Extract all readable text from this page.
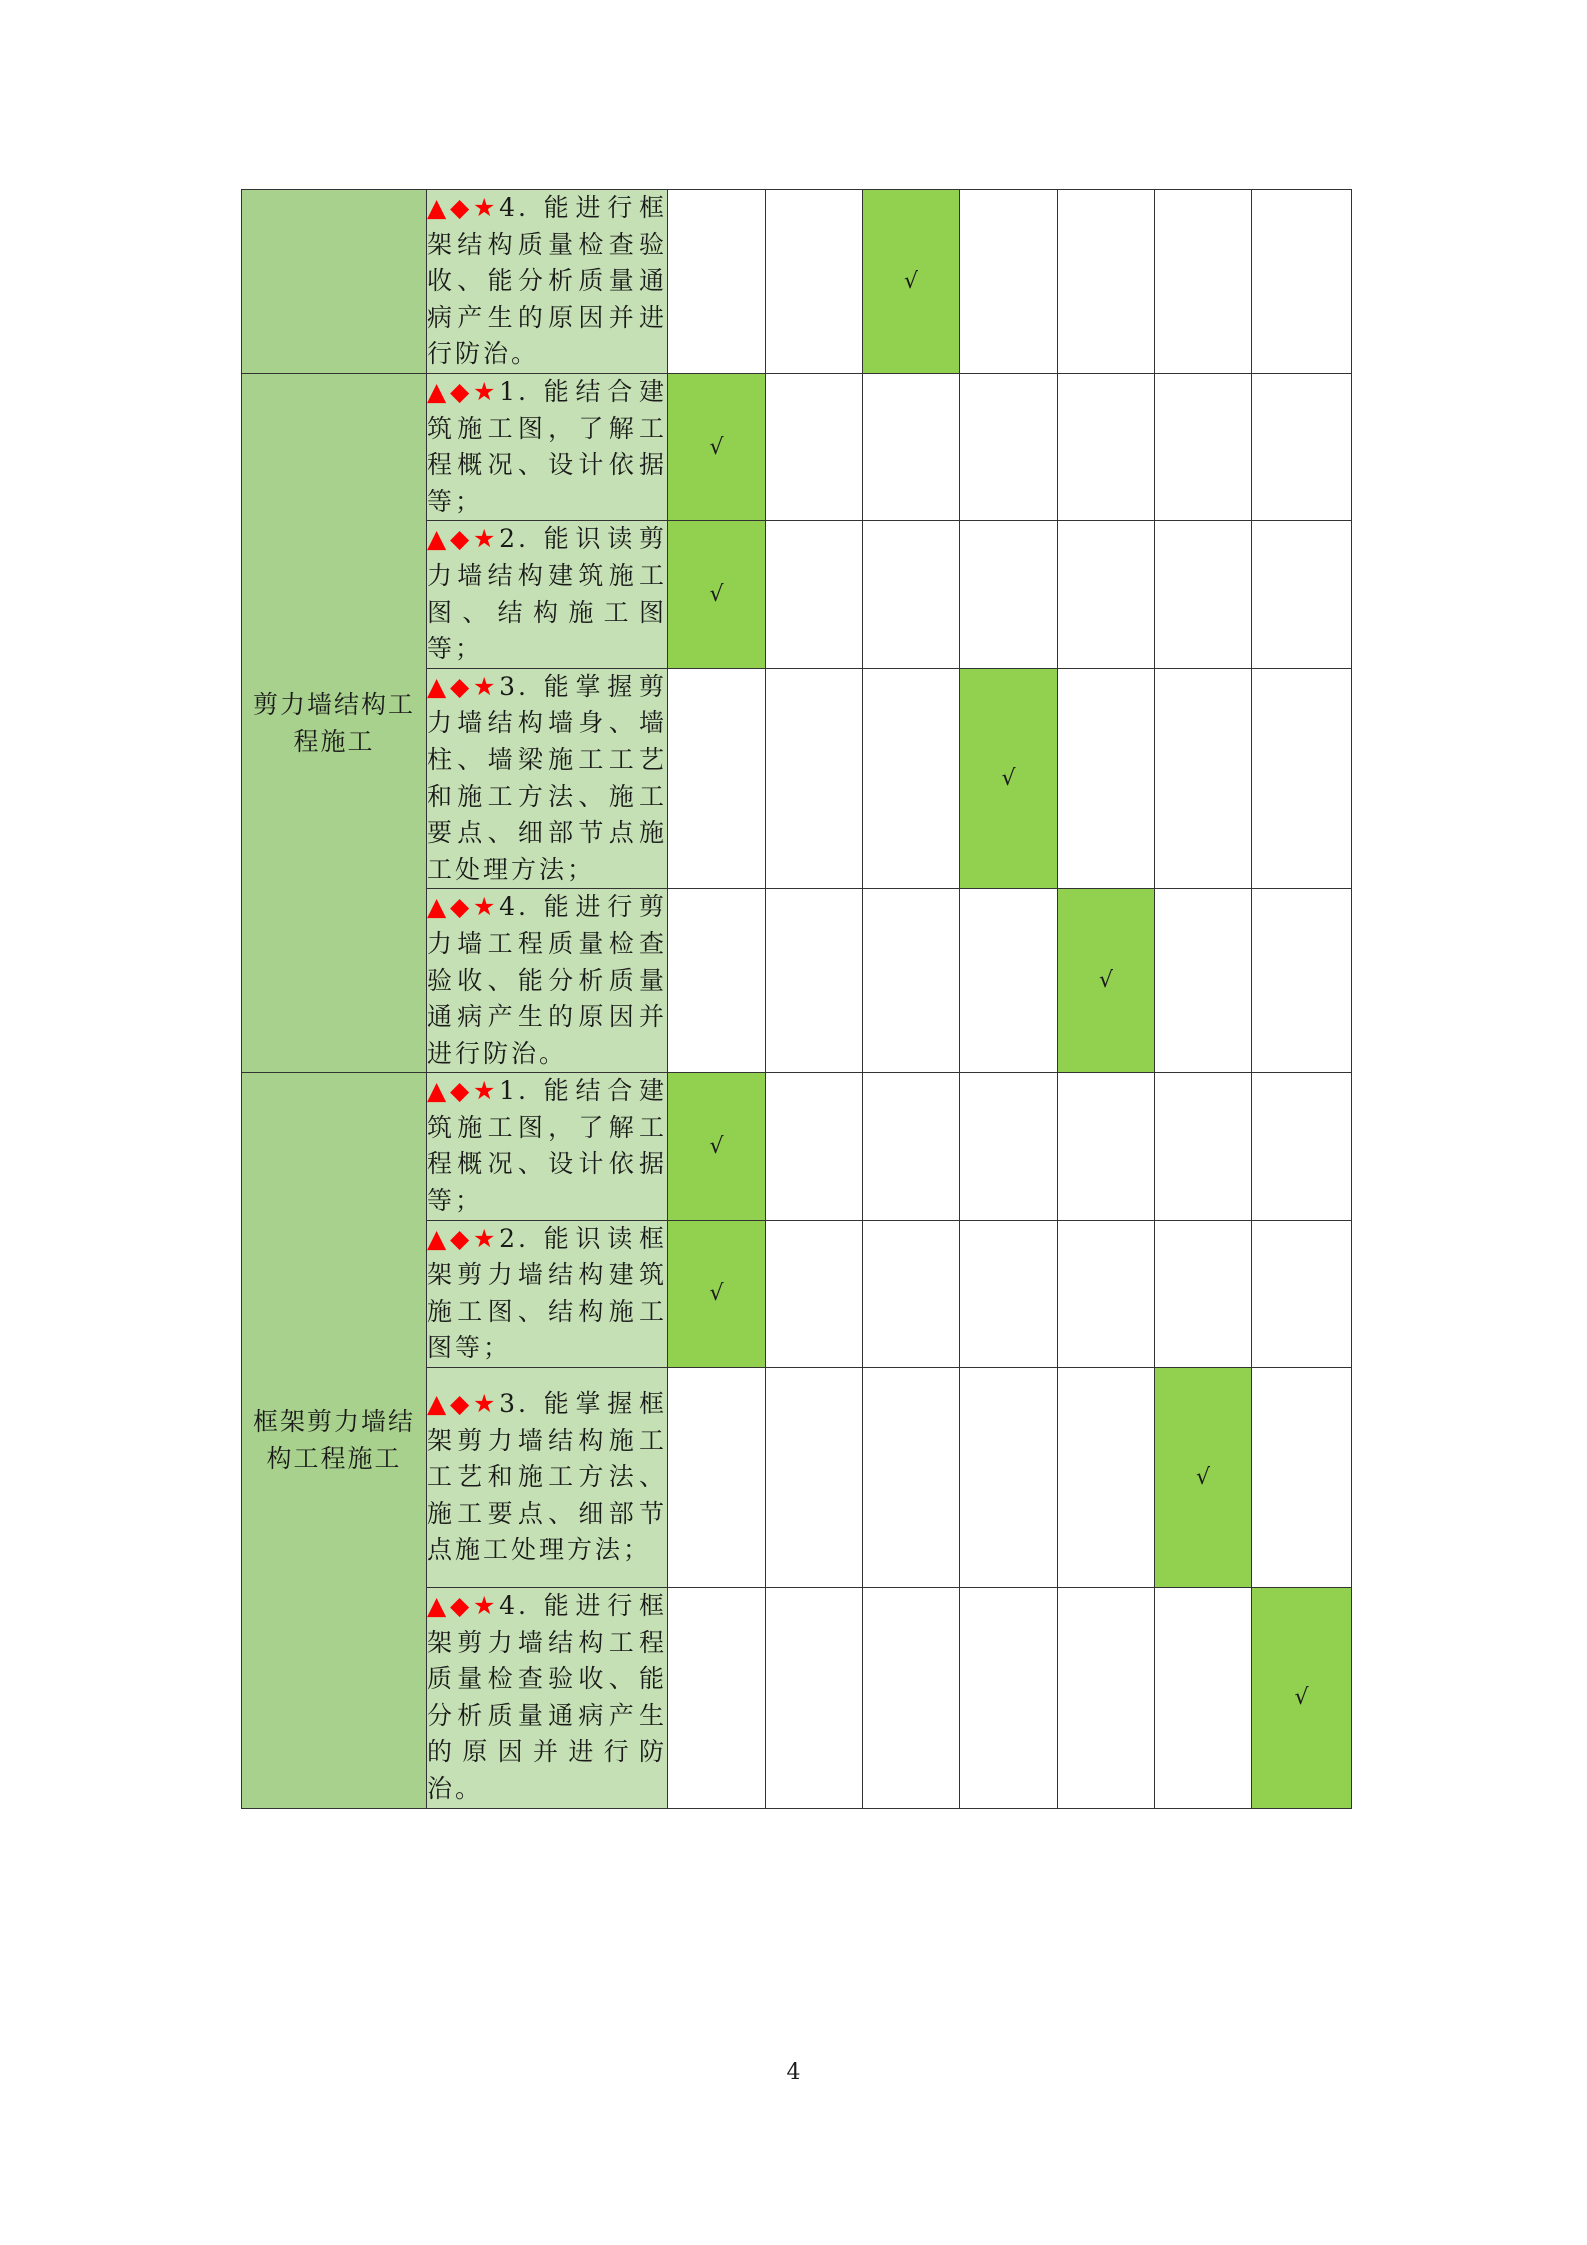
	▲◆★4. 能进行框架结构质量检查验收、能分析质量通病产生的原因并进行防治。			√				
剪力墙结构工程施工	▲◆★1. 能结合建筑施工图，了解工程概况、设计依据等；	√						
	▲◆★2. 能识读剪力墙结构建筑施工图、结构施工图等；	√						
	▲◆★3. 能掌握剪力墙结构墙身、墙柱、墙梁施工工艺和施工方法、施工要点、细部节点施工处理方法；				√			
	▲◆★4. 能进行剪力墙工程质量检查验收、能分析质量通病产生的原因并进行防治。					√		
框架剪力墙结构工程施工	▲◆★1. 能结合建筑施工图，了解工程概况、设计依据等；	√						
	▲◆★2. 能识读框架剪力墙结构建筑施工图、结构施工图等；	√						
	▲◆★3. 能掌握框架剪力墙结构施工工艺和施工方法、施工要点、细部节点施工处理方法；						√	
	▲◆★4. 能进行框架剪力墙结构工程质量检查验收、能分析质量通病产生的原因并进行防治。							√
4
